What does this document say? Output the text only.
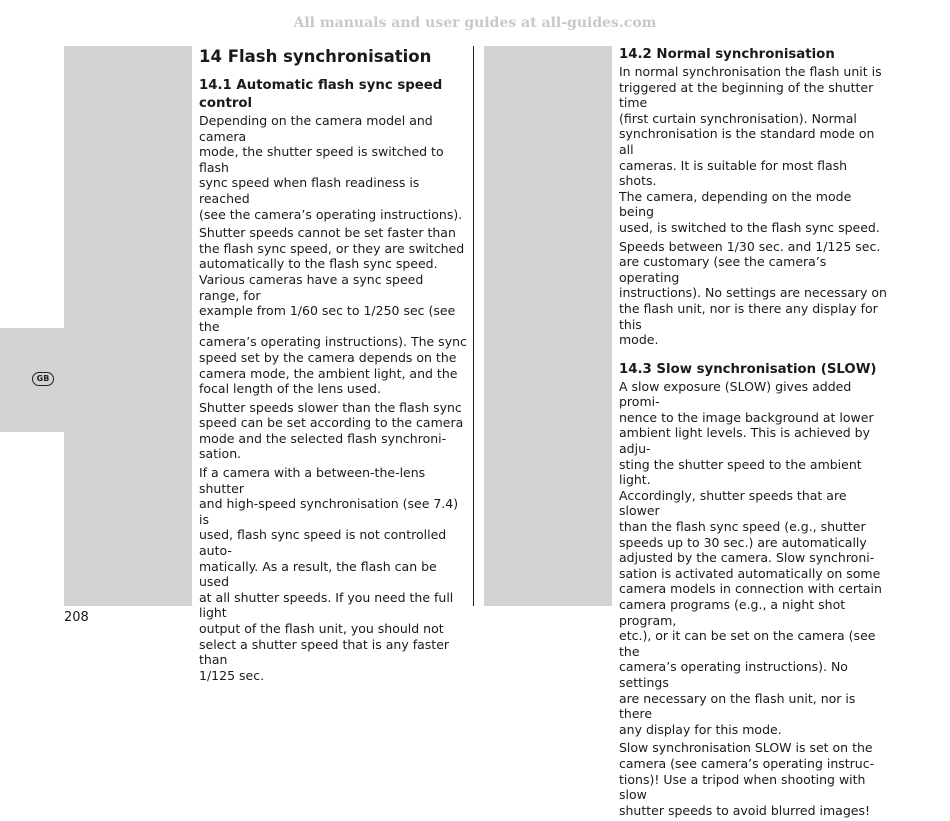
All manuals and user guides at all-guides.com
GB
14 Flash synchronisation
14.1 Automatic flash sync speed control

Depending on the camera model and camera
mode, the shutter speed is switched to flash
sync speed when flash readiness is reached
(see the camera’s operating instructions).

Shutter speeds cannot be set faster than
the flash sync speed, or they are switched
automatically to the flash sync speed.
Various cameras have a sync speed range, for
example from 1/60 sec to 1/250 sec (see the
camera’s operating instructions). The sync
speed set by the camera depends on the
camera mode, the ambient light, and the
focal length of the lens used.

Shutter speeds slower than the flash sync
speed can be set according to the camera
mode and the selected flash synchroni-
sation.

If a camera with a between-the-lens shutter
and high-speed synchronisation (see 7.4) is
used, flash sync speed is not controlled auto-
matically. As a result, the flash can be used
at all shutter speeds. If you need the full light
output of the flash unit, you should not
select a shutter speed that is any faster than
1/125 sec.

14.2 Normal synchronisation

In normal synchronisation the flash unit is
triggered at the beginning of the shutter time
(first curtain synchronisation). Normal
synchronisation is the standard mode on all
cameras. It is suitable for most flash shots.
The camera, depending on the mode being
used, is switched to the flash sync speed.

Speeds between 1/30 sec. and 1/125 sec.
are customary (see the camera’s operating
instructions). No settings are necessary on
the flash unit, nor is there any display for this
mode.

14.3 Slow synchronisation (SLOW)

A slow exposure (SLOW) gives added promi-
nence to the image background at lower
ambient light levels. This is achieved by adju-
sting the shutter speed to the ambient light.
Accordingly, shutter speeds that are slower
than the flash sync speed (e.g., shutter
speeds up to 30 sec.) are automatically
adjusted by the camera. Slow synchroni-
sation is activated automatically on some
camera models in connection with certain
camera programs (e.g., a night shot program,
etc.), or it can be set on the camera (see the
camera’s operating instructions). No settings
are necessary on the flash unit, nor is there
any display for this mode.

Slow synchronisation SLOW is set on the
camera (see camera’s operating instruc-
tions)! Use a tripod when shooting with slow
shutter speeds to avoid blurred images!

208
